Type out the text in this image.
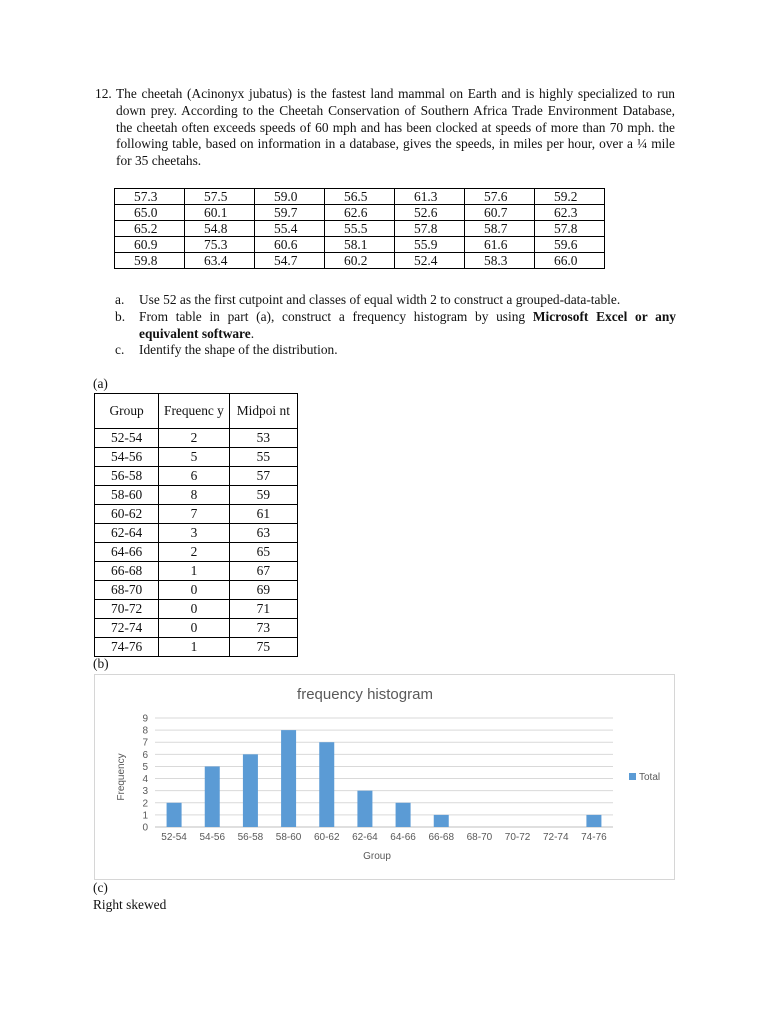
12. The cheetah (Acinonyx jubatus) is the fastest land mammal on Earth and is highly specialized to run down prey. According to the Cheetah Conservation of Southern Africa Trade Environment Database, the cheetah often exceeds speeds of 60 mph and has been clocked at speeds of more than 70 mph. the following table, based on information in a database, gives the speeds, in miles per hour, over a ¼ mile for 35 cheetahs.
57.3	57.5	59.0	56.5	61.3	57.6	59.2
65.0	60.1	59.7	62.6	52.6	60.7	62.3
65.2	54.8	55.4	55.5	57.8	58.7	57.8
60.9	75.3	60.6	58.1	55.9	61.6	59.6
59.8	63.4	54.7	60.2	52.4	58.3	66.0
a. Use 52 as the first cutpoint and classes of equal width 2 to construct a grouped-data-table.
b. From table in part (a), construct a frequency histogram by using Microsoft Excel or any equivalent software.
c. Identify the shape of the distribution.
(a)
Group	Frequenc y	Midpoi nt
52-54	2	53
54-56	5	55
56-58	6	57
58-60	8	59
60-62	7	61
62-64	3	63
64-66	2	65
66-68	1	67
68-70	0	69
70-72	0	71
72-74	0	73
74-76	1	75
(b)
frequency histogram
Frequency
Group
0
1
2
3
4
5
6
7
8
9
52-54 54-56 56-58 58-60 60-62 62-64 64-66 66-68 68-70 70-72 72-74 74-76
Total
(c)
Right skewed
